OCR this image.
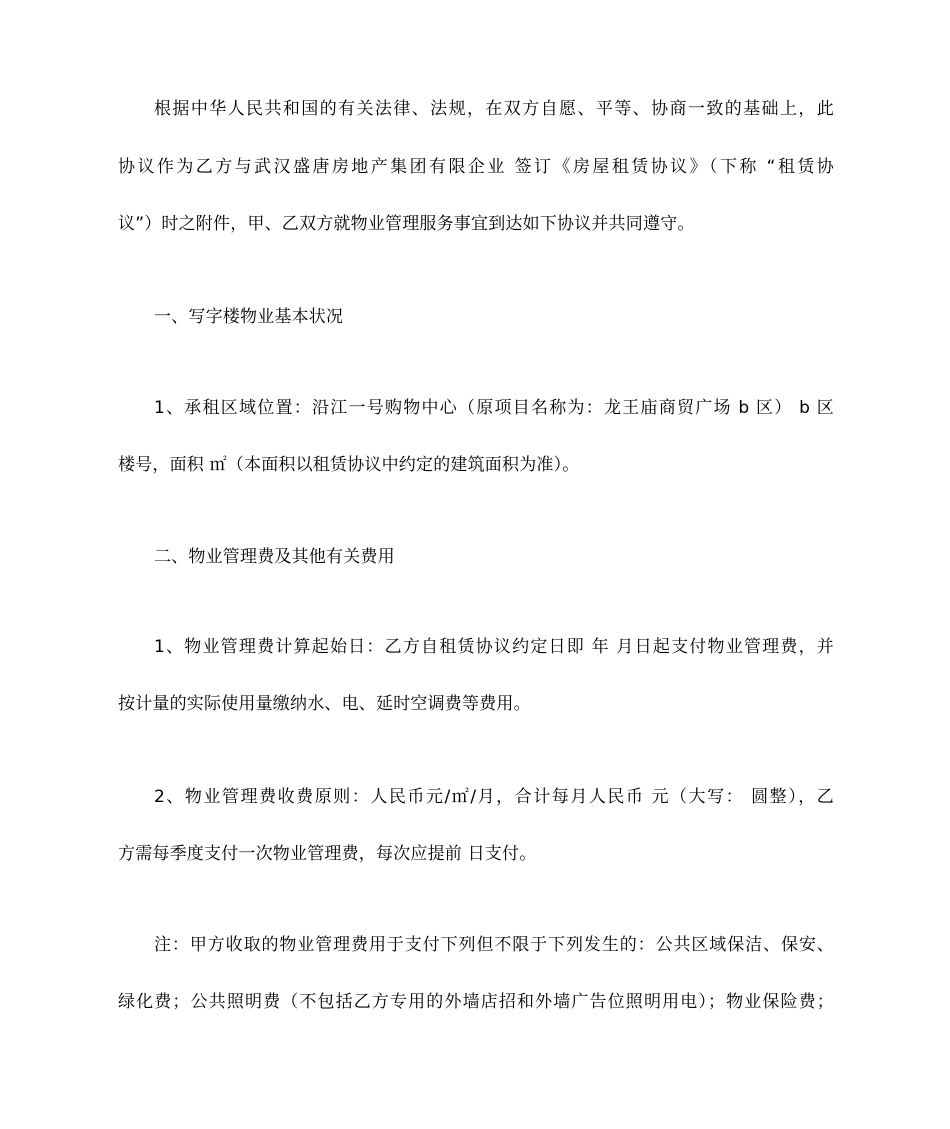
根据中华人民共和国的有关法律、法规，在双方自愿、平等、协商一致的基础上，此
协议作为乙方与武汉盛唐房地产集团有限企业 签订《房屋租赁协议》（下称 “租赁协
议”）时之附件，甲、乙双方就物业管理服务事宜到达如下协议并共同遵守。
一、写字楼物业基本状况
1、承租区域位置：沿江一号购物中心（原项目名称为：龙王庙商贸广场 b 区） b 区
楼号，面积 ㎡（本面积以租赁协议中约定的建筑面积为准）。
二、物业管理费及其他有关费用
1、物业管理费计算起始日：乙方自租赁协议约定日即 年 月日起支付物业管理费，并
按计量的实际使用量缴纳水、电、延时空调费等费用。
2、物业管理费收费原则：人民币元/㎡/月，合计每月人民币 元（大写： 圆整），乙
方需每季度支付一次物业管理费，每次应提前 日支付。
注：甲方收取的物业管理费用于支付下列但不限于下列发生的：公共区域保洁、保安、
绿化费；公共照明费（不包括乙方专用的外墙店招和外墙广告位照明用电）；物业保险费；
